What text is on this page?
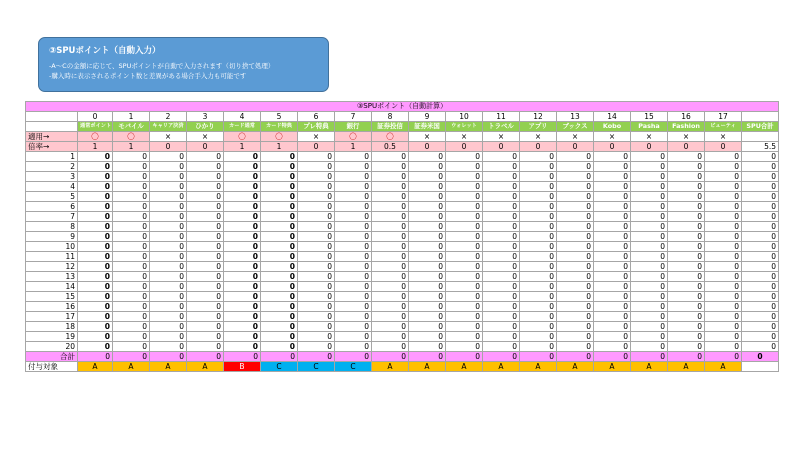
③SPUポイント（自動入力）
-A～Cの金額に応じて、SPUポイントが自動で入力されます（切り捨て処理）
-購入時に表示されるポイント数と差異がある場合手入力も可能です
③SPUポイント（自動計算）																			
	0	1	2	3	4	5	6	7	8	9	10	11	12	13	14	15	16	17	
	通常ポイント	モバイル	キャリア決済	ひかり	カード通常	カード特典	プレ特典	銀行	証券投信	証券米国	ウォレット	トラベル	アプリ	ブックス	Kobo	Pasha	Fashion	ビューティ	SPU合計
適用→	〇	〇	×	×	〇	〇	×	〇	〇	×	×	×	×	×	×	×	×	×	
倍率→	1	1	0	0	1	1	0	1	0.5	0	0	0	0	0	0	0	0	0	5.5
1	0	0	0	0	0	0	0	0	0	0	0	0	0	0	0	0	0	0	0
2	0	0	0	0	0	0	0	0	0	0	0	0	0	0	0	0	0	0	0
3	0	0	0	0	0	0	0	0	0	0	0	0	0	0	0	0	0	0	0
4	0	0	0	0	0	0	0	0	0	0	0	0	0	0	0	0	0	0	0
5	0	0	0	0	0	0	0	0	0	0	0	0	0	0	0	0	0	0	0
6	0	0	0	0	0	0	0	0	0	0	0	0	0	0	0	0	0	0	0
7	0	0	0	0	0	0	0	0	0	0	0	0	0	0	0	0	0	0	0
8	0	0	0	0	0	0	0	0	0	0	0	0	0	0	0	0	0	0	0
9	0	0	0	0	0	0	0	0	0	0	0	0	0	0	0	0	0	0	0
10	0	0	0	0	0	0	0	0	0	0	0	0	0	0	0	0	0	0	0
11	0	0	0	0	0	0	0	0	0	0	0	0	0	0	0	0	0	0	0
12	0	0	0	0	0	0	0	0	0	0	0	0	0	0	0	0	0	0	0
13	0	0	0	0	0	0	0	0	0	0	0	0	0	0	0	0	0	0	0
14	0	0	0	0	0	0	0	0	0	0	0	0	0	0	0	0	0	0	0
15	0	0	0	0	0	0	0	0	0	0	0	0	0	0	0	0	0	0	0
16	0	0	0	0	0	0	0	0	0	0	0	0	0	0	0	0	0	0	0
17	0	0	0	0	0	0	0	0	0	0	0	0	0	0	0	0	0	0	0
18	0	0	0	0	0	0	0	0	0	0	0	0	0	0	0	0	0	0	0
19	0	0	0	0	0	0	0	0	0	0	0	0	0	0	0	0	0	0	0
20	0	0	0	0	0	0	0	0	0	0	0	0	0	0	0	0	0	0	0
合計	0	0	0	0	0	0	0	0	0	0	0	0	0	0	0	0	0	0	0
付与対象	A	A	A	A	B	C	C	C	A	A	A	A	A	A	A	A	A	A	
